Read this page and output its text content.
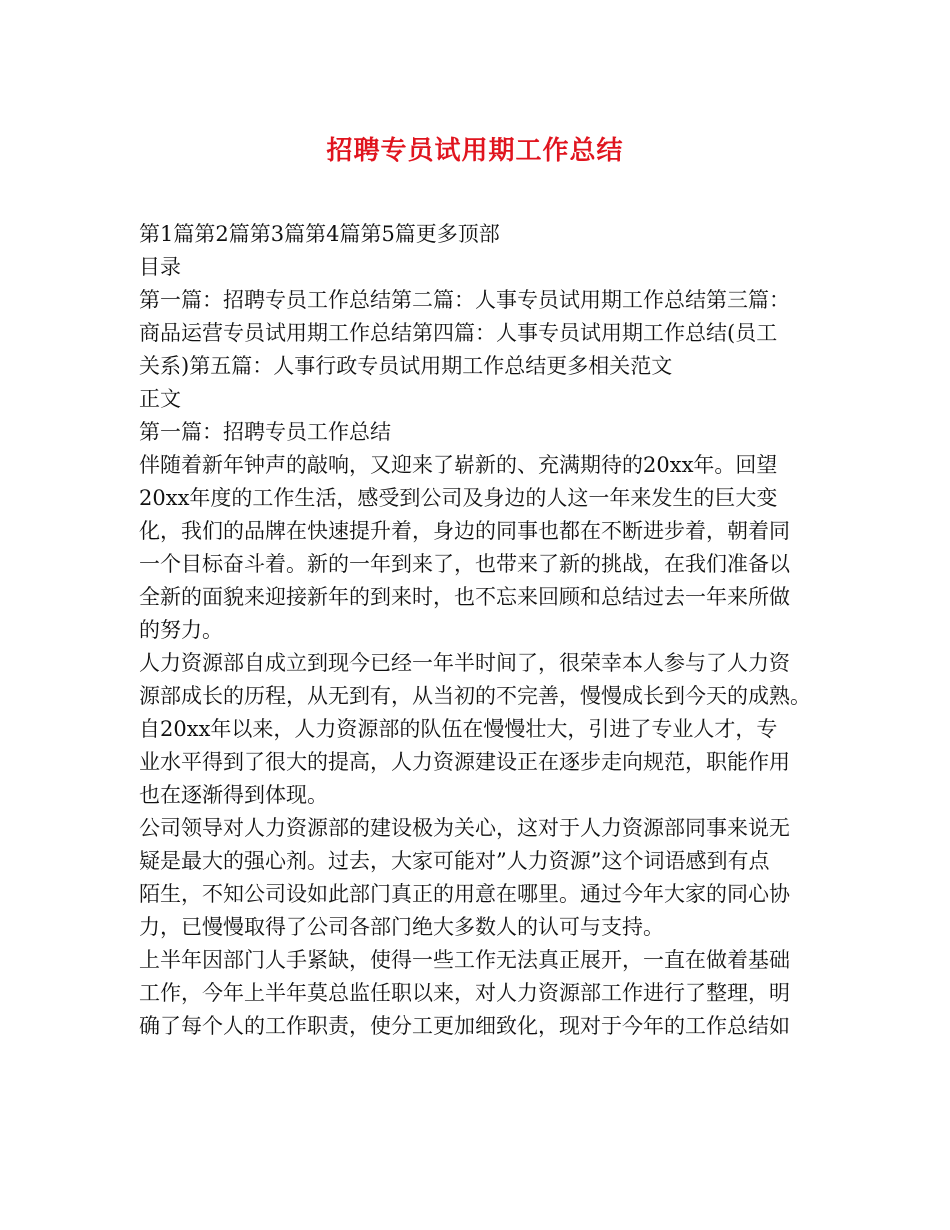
招聘专员试用期工作总结
第1篇第2篇第3篇第4篇第5篇更多顶部
目录
第一篇：招聘专员工作总结第二篇：人事专员试用期工作总结第三篇：
商品运营专员试用期工作总结第四篇：人事专员试用期工作总结(员工
关系)第五篇：人事行政专员试用期工作总结更多相关范文
正文
第一篇：招聘专员工作总结
伴随着新年钟声的敲响，又迎来了崭新的、充满期待的20xx年。回望
20xx年度的工作生活，感受到公司及身边的人这一年来发生的巨大变
化，我们的品牌在快速提升着，身边的同事也都在不断进步着，朝着同
一个目标奋斗着。新的一年到来了，也带来了新的挑战，在我们准备以
全新的面貌来迎接新年的到来时，也不忘来回顾和总结过去一年来所做
的努力。
人力资源部自成立到现今已经一年半时间了，很荣幸本人参与了人力资
源部成长的历程，从无到有，从当初的不完善，慢慢成长到今天的成熟。
自20xx年以来，人力资源部的队伍在慢慢壮大，引进了专业人才，专
业水平得到了很大的提高，人力资源建设正在逐步走向规范，职能作用
也在逐渐得到体现。
公司领导对人力资源部的建设极为关心，这对于人力资源部同事来说无
疑是最大的强心剂。过去，大家可能对”人力资源”这个词语感到有点
陌生，不知公司设如此部门真正的用意在哪里。通过今年大家的同心协
力，已慢慢取得了公司各部门绝大多数人的认可与支持。
上半年因部门人手紧缺，使得一些工作无法真正展开，一直在做着基础
工作，今年上半年莫总监任职以来，对人力资源部工作进行了整理，明
确了每个人的工作职责，使分工更加细致化，现对于今年的工作总结如
